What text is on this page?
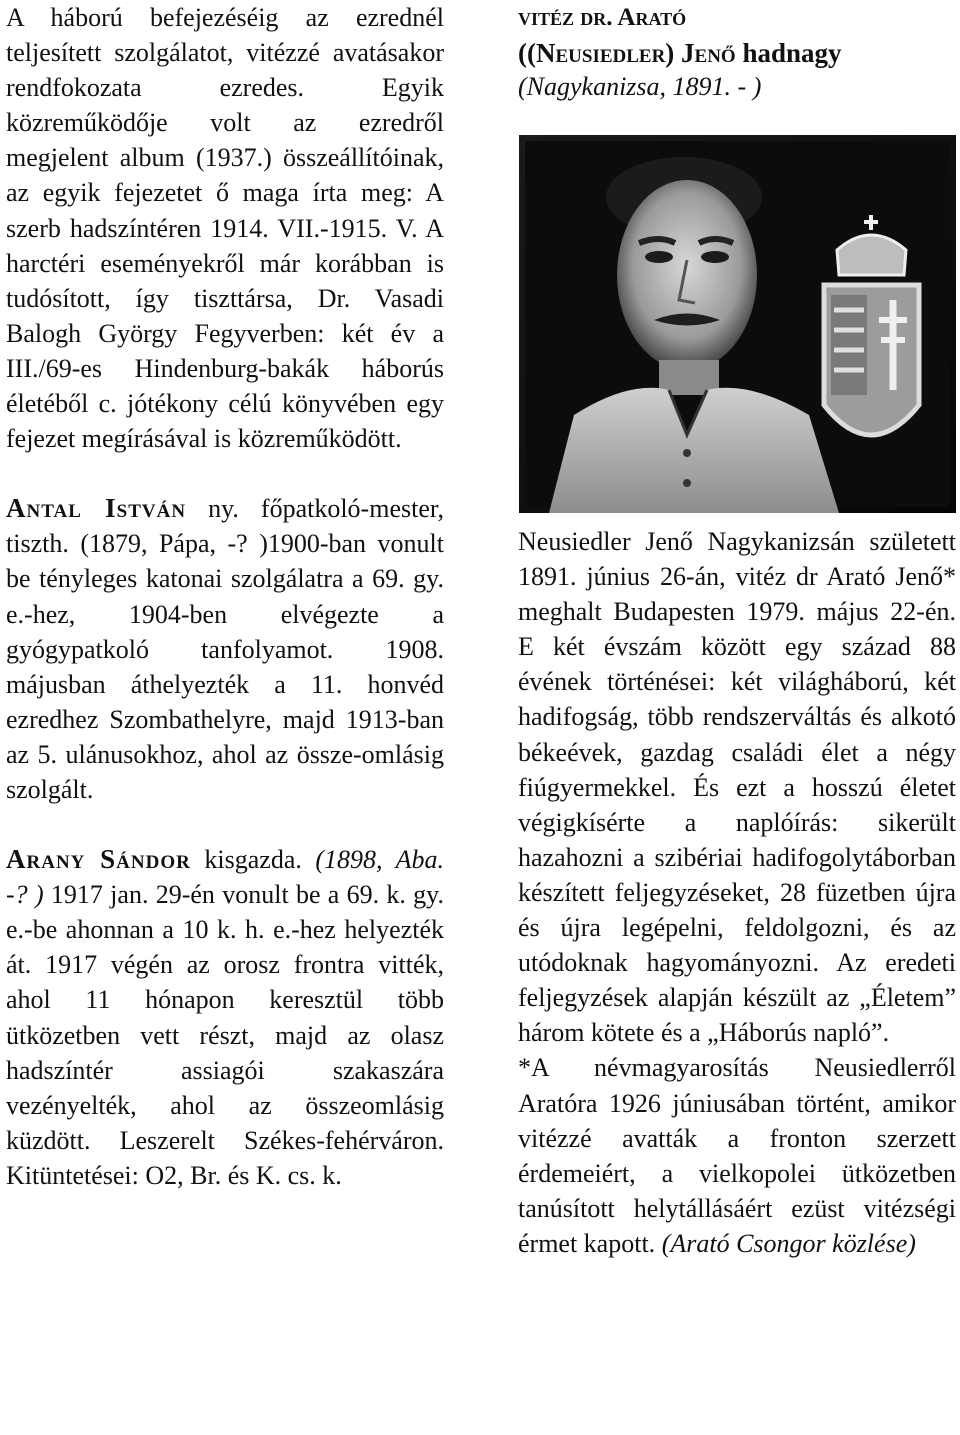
A háború befejezéséig az ezrednél teljesített szolgálatot, vitézzé avatásakor rendfokozata ezredes. Egyik közreműködője volt az ezredről megjelent album (1937.) összeállítóinak, az egyik fejezetet ő maga írta meg: A szerb hadszíntéren 1914. VII.-1915. V. A harctéri eseményekről már korábban is tudósított, így tiszttársa, Dr. Vasadi Balogh György Fegyverben: két év a III./69-es Hindenburg-bakák háborús életéből c. jótékony célú könyvében egy fejezet megírásával is közreműködött.

Antal István ny. főpatkoló-mester, tiszth. (1879, Pápa, -? )1900-ban vonult be tényleges katonai szolgálatra a 69. gy. e.-hez, 1904-ben elvégezte a gyógypatkoló tanfolyamot. 1908. májusban áthelyezték a 11. honvéd ezredhez Szombathelyre, majd 1913-ban az 5. ulánusokhoz, ahol az össze-omlásig szolgált.

Arany Sándor kisgazda. (1898, Aba. -? ) 1917 jan. 29-én vonult be a 69. k. gy. e.-be ahonnan a 10 k. h. e.-hez helyezték át. 1917 végén az orosz frontra vitték, ahol 11 hónapon keresztül több ütközetben vett részt, majd az olasz hadszíntér assiagói szakaszára vezényelték, ahol az összeomlásig küzdött. Leszerelt Székes-fehérváron. Kitüntetései: O2, Br. és K. cs. k.

vitéz dr. Arató
((Neusiedler) Jenő hadnagy
(Nagykanizsa, 1891. - )

Neusiedler Jenő Nagykanizsán született 1891. június 26-án, vitéz dr Arató Jenő* meghalt Budapesten 1979. május 22-én. E két évszám között egy század 88 évének történései: két világháború, két hadifogság, több rendszerváltás és alkotó békeévek, gazdag családi élet a négy fiúgyermekkel. És ezt a hosszú életet végigkísérte a naplóírás: sikerült hazahozni a szibériai hadifogolytáborban készített feljegyzéseket, 28 füzetben újra és újra legépelni, feldolgozni, és az utódoknak hagyományozni. Az eredeti feljegyzések alapján készült az „Életem” három kötete és a „Háborús napló”.

*A névmagyarosítás Neusiedlerről Aratóra 1926 júniusában történt, amikor vitézzé avatták a fronton szerzett érdemeiért, a vielkopolei ütközetben tanúsított helytállásáért ezüst vitézségi érmet kapott. (Arató Csongor közlése)
